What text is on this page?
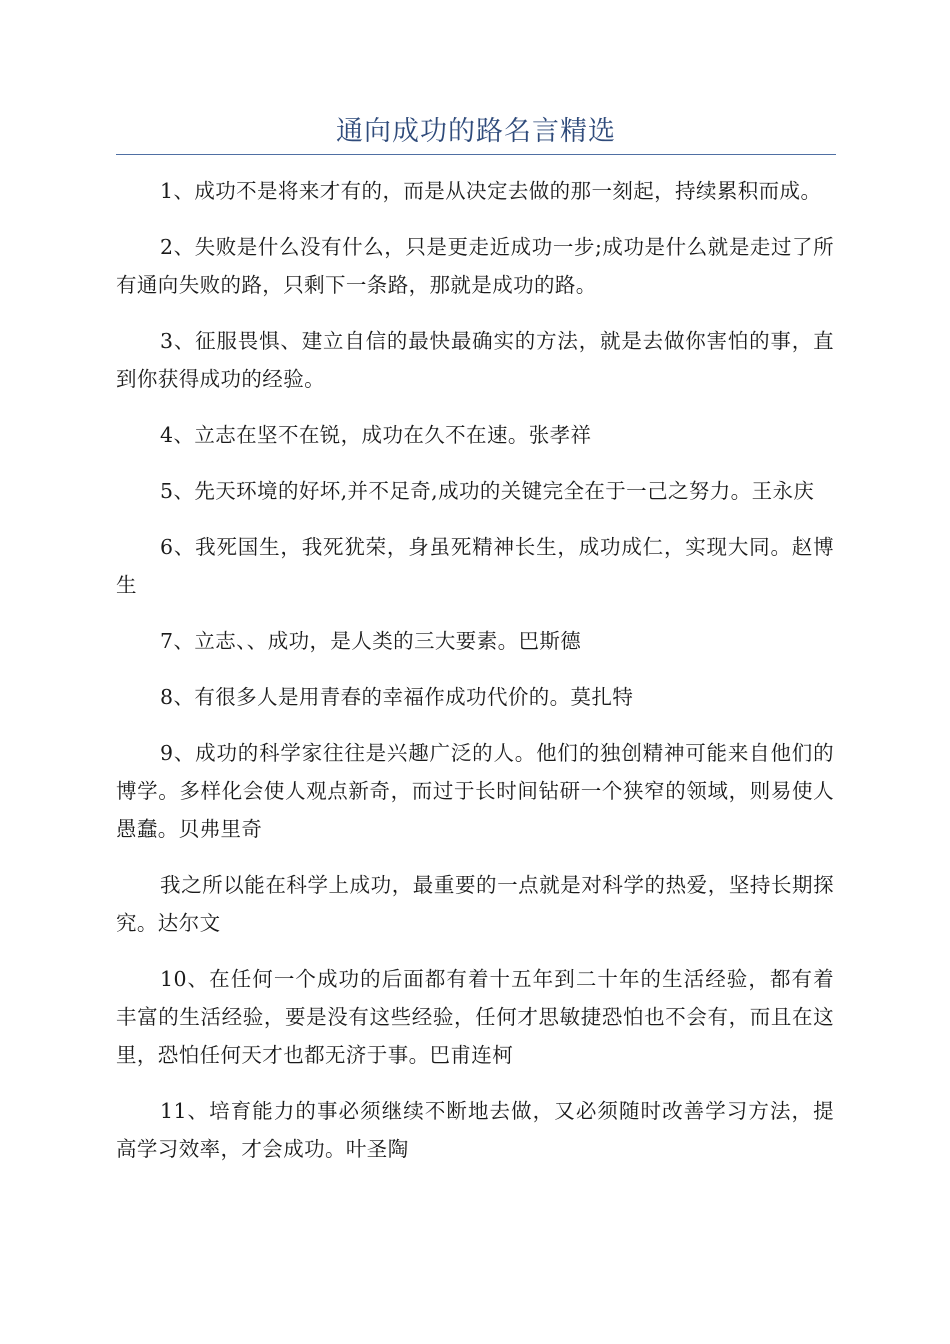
通向成功的路名言精选

1、成功不是将来才有的，而是从决定去做的那一刻起，持续累积而成。

2、失败是什么没有什么，只是更走近成功一步;成功是什么就是走过了所有通向失败的路，只剩下一条路，那就是成功的路。

3、征服畏惧、建立自信的最快最确实的方法，就是去做你害怕的事，直到你获得成功的经验。

4、立志在坚不在锐，成功在久不在速。张孝祥

5、先天环境的好坏,并不足奇,成功的关键完全在于一己之努力。王永庆

6、我死国生，我死犹荣，身虽死精神长生，成功成仁，实现大同。赵博生

7、立志、、成功，是人类的三大要素。巴斯德

8、有很多人是用青春的幸福作成功代价的。莫扎特

9、成功的科学家往往是兴趣广泛的人。他们的独创精神可能来自他们的博学。多样化会使人观点新奇，而过于长时间钻研一个狭窄的领域，则易使人愚蠢。贝弗里奇

我之所以能在科学上成功，最重要的一点就是对科学的热爱，坚持长期探究。达尔文

10、在任何一个成功的后面都有着十五年到二十年的生活经验，都有着丰富的生活经验，要是没有这些经验，任何才思敏捷恐怕也不会有，而且在这里，恐怕任何天才也都无济于事。巴甫连柯

11、培育能力的事必须继续不断地去做，又必须随时改善学习方法，提高学习效率，才会成功。叶圣陶
